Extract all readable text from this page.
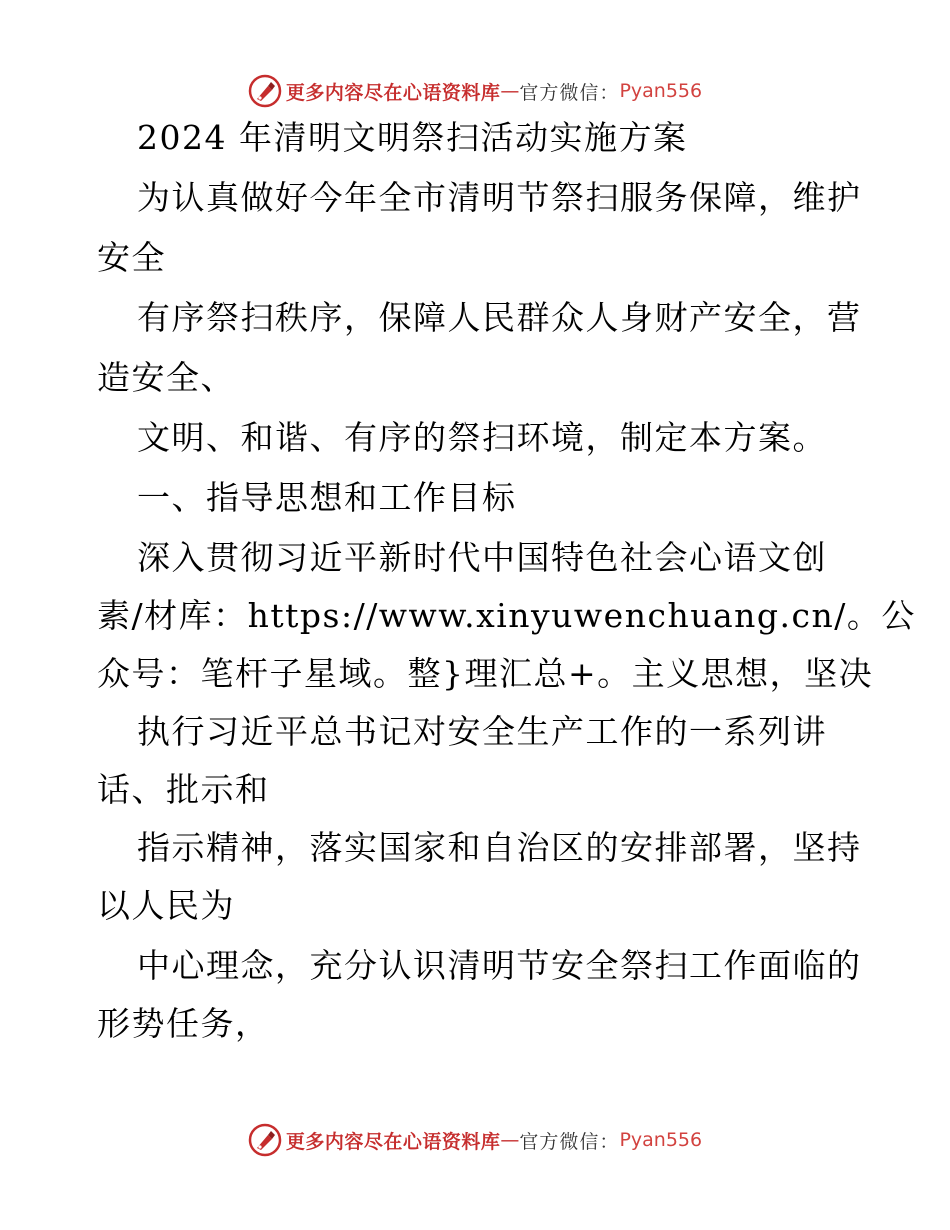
更多内容尽在心语资料库 — 官方微信： Pyan556
2024 年清明文明祭扫活动实施方案
为认真做好今年全市清明节祭扫服务保障，维护
安全
有序祭扫秩序，保障人民群众人身财产安全，营
造安全、
文明、和谐、有序的祭扫环境，制定本方案。
一、指导思想和工作目标
深入贯彻习近平新时代中国特色社会心语文创
素/材库：https://www.xinyuwenchuang.cn/。公
众号：笔杆子星域。整}理汇总+。主义思想，坚决
执行习近平总书记对安全生产工作的一系列讲
话、批示和
指示精神，落实国家和自治区的安排部署，坚持
以人民为
中心理念，充分认识清明节安全祭扫工作面临的
形势任务，
更多内容尽在心语资料库 — 官方微信： Pyan556
